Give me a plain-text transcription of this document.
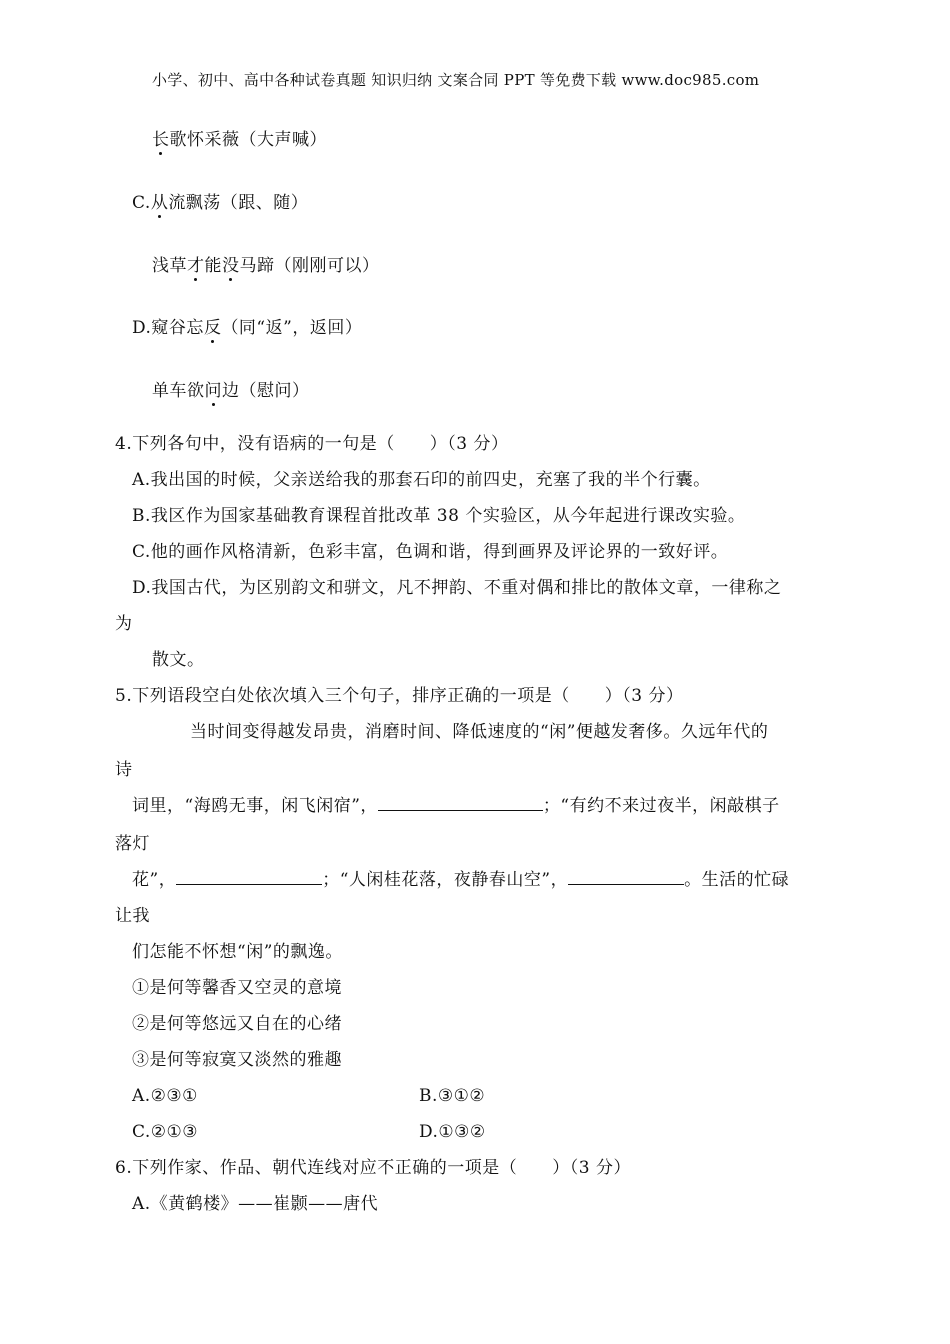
小学、初中、高中各种试卷真题 知识归纳 文案合同 PPT 等免费下载 www.doc985.com
长歌怀采薇（大声喊）
C.从流飘荡（跟、随）
浅草才能没马蹄（刚刚可以）
D.窥谷忘反（同“返”，返回）
单车欲问边（慰问）
4.下列各句中，没有语病的一句是（　　）（3 分）
A.我出国的时候，父亲送给我的那套石印的前四史，充塞了我的半个行囊。
B.我区作为国家基础教育课程首批改革 38 个实验区，从今年起进行课改实验。
C.他的画作风格清新，色彩丰富，色调和谐，得到画界及评论界的一致好评。
D.我国古代，为区别韵文和骈文，凡不押韵、不重对偶和排比的散体文章，一律称之
为
散文。
5.下列语段空白处依次填入三个句子，排序正确的一项是（　　）（3 分）
当时间变得越发昂贵，消磨时间、降低速度的“闲”便越发奢侈。久远年代的
诗
词里，“海鸥无事，闲飞闲宿”，	；“有约不来过夜半，闲敲棋子
落灯
花”，	；“人闲桂花落，夜静春山空”，	。生活的忙碌
让我
们怎能不怀想“闲”的飘逸。
①是何等馨香又空灵的意境
②是何等悠远又自在的心绪
③是何等寂寞又淡然的雅趣
A.②③①	B.③①②
C.②①③	D.①③②
6.下列作家、作品、朝代连线对应不正确的一项是（　　）（3 分）
A.《黄鹤楼》——崔颢——唐代
